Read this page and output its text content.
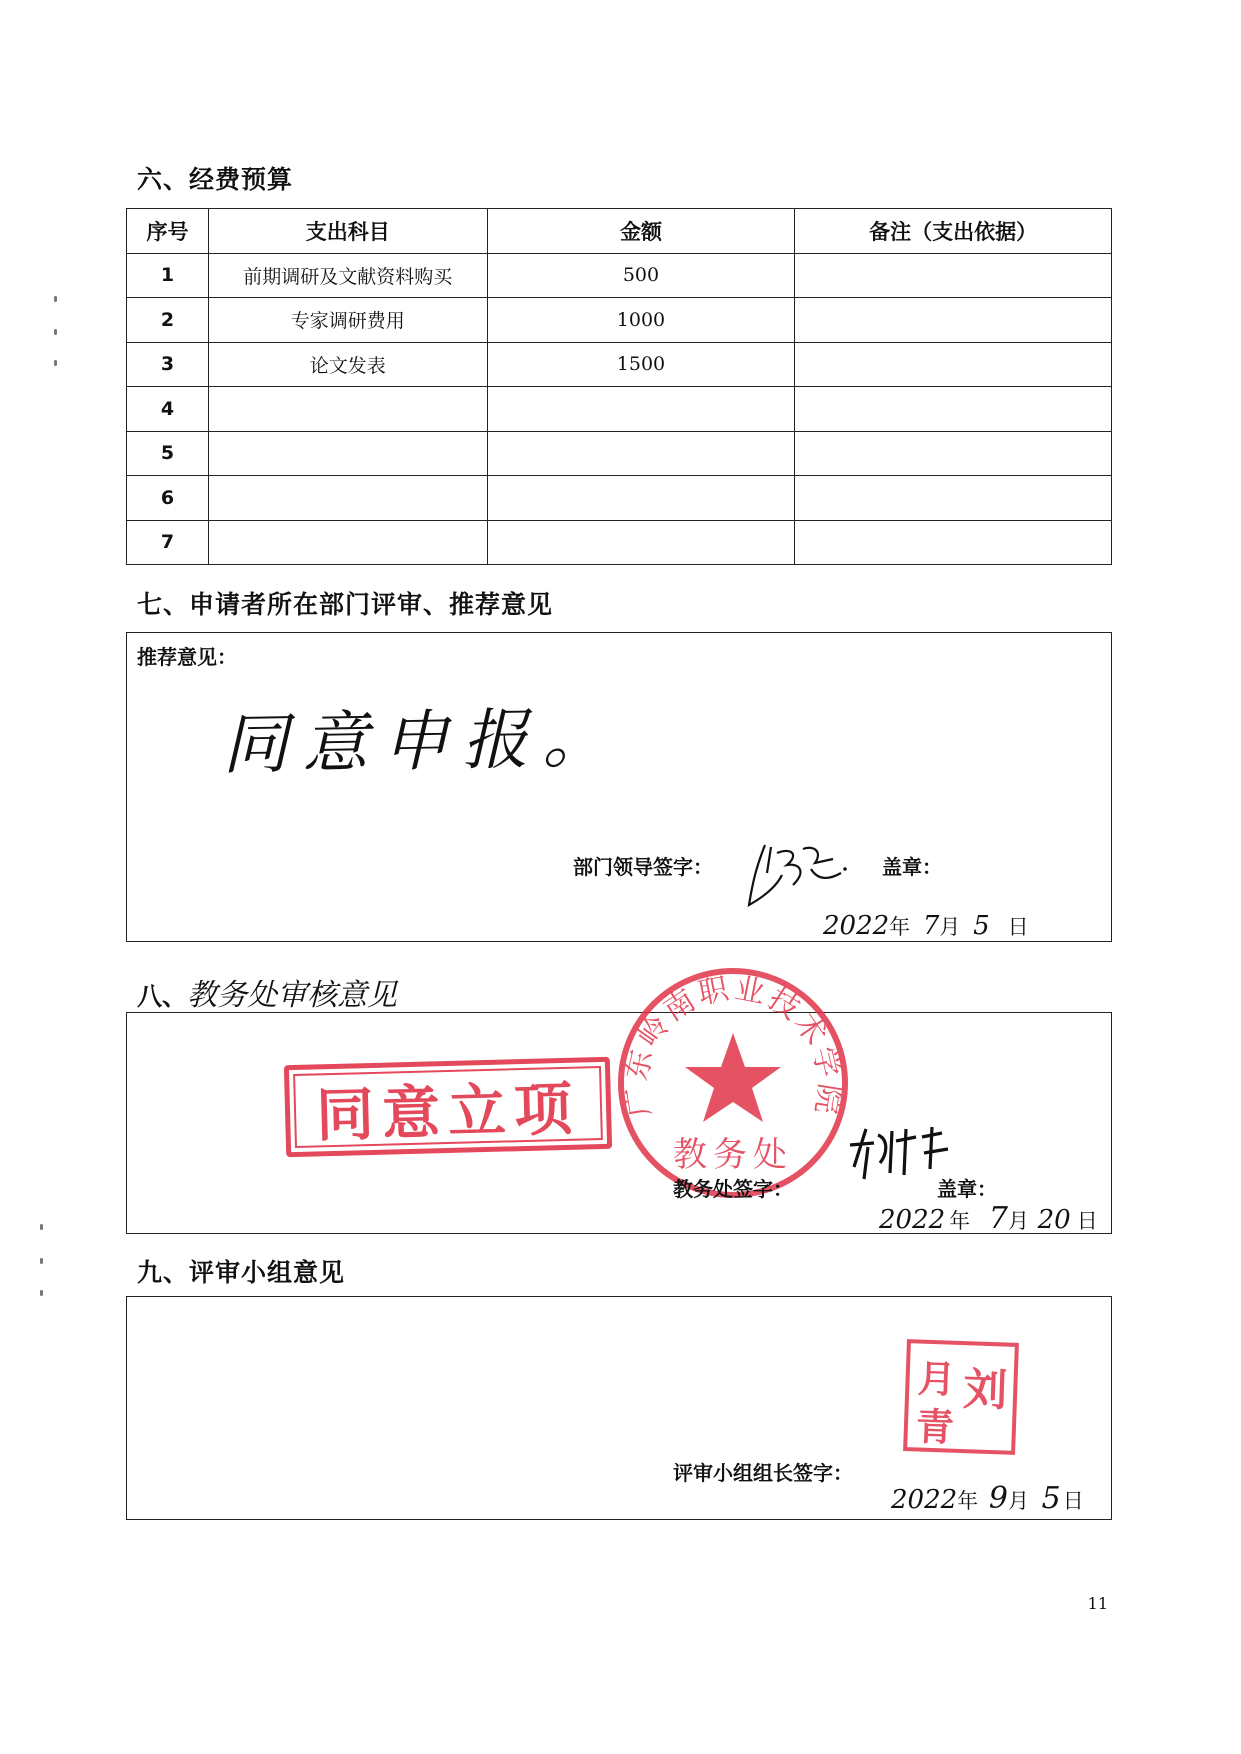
六、经费预算
序号	支出科目	金额	备注（支出依据）
1	前期调研及文献资料购买	500	
2	专家调研费用	1000	
3	论文发表	1500	
4			
5			
6			
7			
七、申请者所在部门评审、推荐意见
推荐意见：
同意申报。
部门领导签字：	盖章：
2022年 7月 5 日
八、教务处审核意见
同意立项 广东岭南职业技术学院
教务处
教务处签字：	盖章：
2022 年 7月 20 日
九、评审小组意见
刘
月
青
评审小组组长签字：
2022年 9月 5日
11
